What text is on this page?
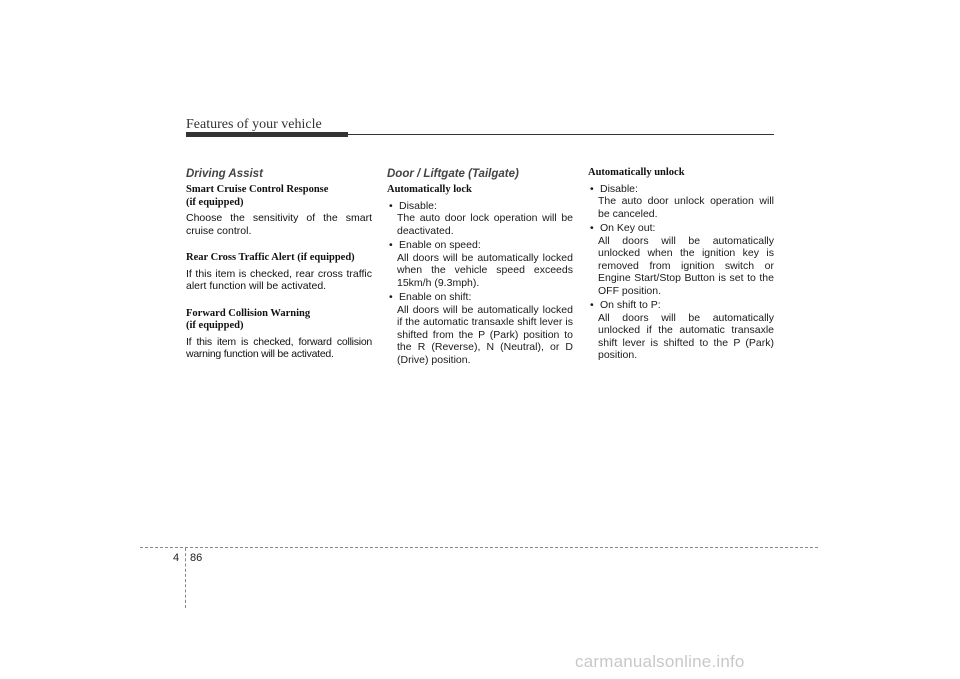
Features of your vehicle
Driving Assist
Smart Cruise Control Response
(if equipped)

Choose the sensitivity of the smart cruise control.

Rear Cross Traffic Alert (if equipped)

If this item is checked, rear cross traffic alert function will be activated.

Forward Collision Warning
(if equipped)

If this item is checked, forward collision warning function will be activated.

Door / Liftgate (Tailgate)
Automatically lock
• Disable:
The auto door lock operation will be deactivated.
• Enable on speed:
All doors will be automatically locked when the vehicle speed exceeds 15km/h (9.3mph).
• Enable on shift:
All doors will be automatically locked if the automatic transaxle shift lever is shifted from the P (Park) position to the R (Reverse), N (Neutral), or D (Drive) position.
Automatically unlock
• Disable:
The auto door unlock operation will be canceled.
• On Key out:
All doors will be automatically unlocked when the ignition key is removed from ignition switch or Engine Start/Stop Button is set to the OFF position.
• On shift to P:
All doors will be automatically unlocked if the automatic transaxle shift lever is shifted to the P (Park) position.
4 86
carmanualsonline.info
